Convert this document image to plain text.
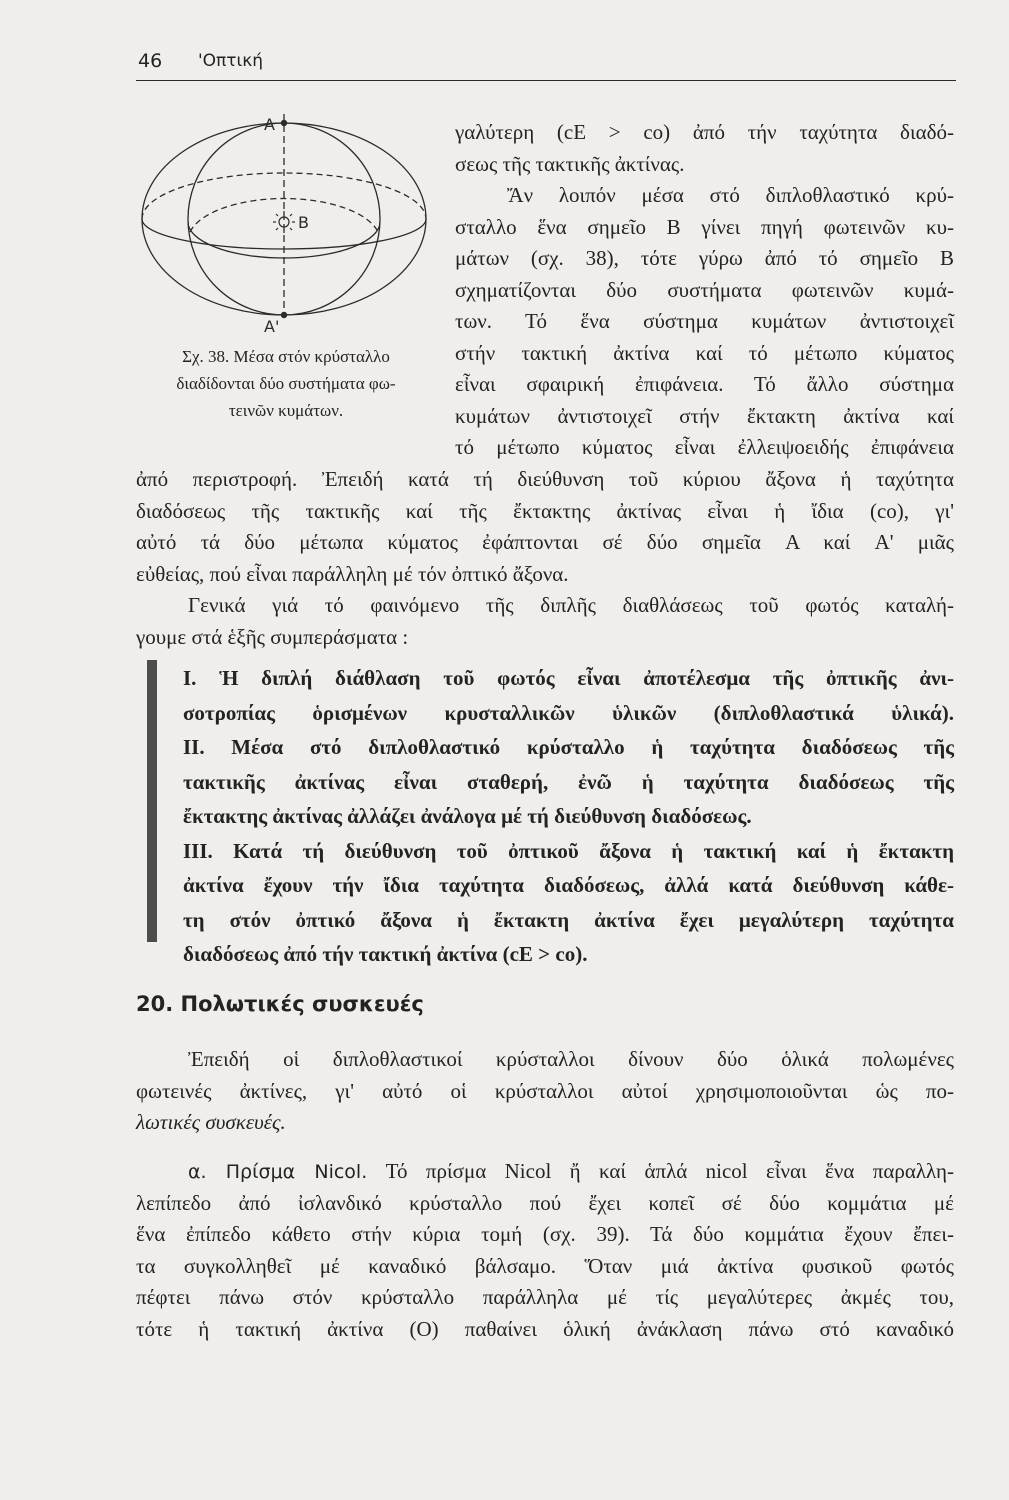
46 'Οπτική
A
B
A'
Σχ. 38. Μέσα στόν κρύσταλλο
διαδίδονται δύο συστήματα φω-
τεινῶν κυμάτων.
γαλύτερη (cE > co) ἀπό τήν ταχύτητα διαδό-
σεως τῆς τακτικῆς ἀκτίνας.
Ἄν λοιπόν μέσα στό διπλοθλαστικό κρύ-
σταλλο ἕνα σημεῖο B γίνει πηγή φωτεινῶν κυ-
μάτων (σχ. 38), τότε γύρω ἀπό τό σημεῖο B
σχηματίζονται δύο συστήματα φωτεινῶν κυμά-
των. Τό ἕνα σύστημα κυμάτων ἀντιστοιχεῖ
στήν τακτική ἀκτίνα καί τό μέτωπο κύματος
εἶναι σφαιρική ἐπιφάνεια. Τό ἄλλο σύστημα
κυμάτων ἀντιστοιχεῖ στήν ἔκτακτη ἀκτίνα καί
τό μέτωπο κύματος εἶναι ἐλλειψοειδής ἐπιφάνεια
ἀπό περιστροφή. Ἐπειδή κατά τή διεύθυνση τοῦ κύριου ἄξονα ἡ ταχύτητα
διαδόσεως τῆς τακτικῆς καί τῆς ἔκτακτης ἀκτίνας εἶναι ἡ ἴδια (co), γι'
αὐτό τά δύο μέτωπα κύματος ἐφάπτονται σέ δύο σημεῖα A καί A' μιᾶς
εὐθείας, πού εἶναι παράλληλη μέ τόν ὀπτικό ἄξονα.
Γενικά γιά τό φαινόμενο τῆς διπλῆς διαθλάσεως τοῦ φωτός καταλή-
γουμε στά ἑξῆς συμπεράσματα :
I. Ἡ διπλή διάθλαση τοῦ φωτός εἶναι ἀποτέλεσμα τῆς ὀπτικῆς ἀνι-
σοτροπίας ὁρισμένων κρυσταλλικῶν ὑλικῶν (διπλοθλαστικά ὑλικά).
II. Μέσα στό διπλοθλαστικό κρύσταλλο ἡ ταχύτητα διαδόσεως τῆς
τακτικῆς ἀκτίνας εἶναι σταθερή, ἐνῶ ἡ ταχύτητα διαδόσεως τῆς
ἔκτακτης ἀκτίνας ἀλλάζει ἀνάλογα μέ τή διεύθυνση διαδόσεως.
III. Κατά τή διεύθυνση τοῦ ὀπτικοῦ ἄξονα ἡ τακτική καί ἡ ἔκτακτη
ἀκτίνα ἔχουν τήν ἴδια ταχύτητα διαδόσεως, ἀλλά κατά διεύθυνση κάθε-
τη στόν ὀπτικό ἄξονα ἡ ἔκτακτη ἀκτίνα ἔχει μεγαλύτερη ταχύτητα
διαδόσεως ἀπό τήν τακτική ἀκτίνα (cE > co).
20. Πολωτικές συσκευές
Ἐπειδή οἱ διπλοθλαστικοί κρύσταλλοι δίνουν δύο ὁλικά πολωμένες
φωτεινές ἀκτίνες, γι' αὐτό οἱ κρύσταλλοι αὐτοί χρησιμοποιοῦνται ὡς πο-
λωτικές συσκευές.
α. Πρίσμα Nicol. Τό πρίσμα Nicol ἤ καί ἁπλά nicol εἶναι ἕνα παραλλη-
λεπίπεδο ἀπό ἰσλανδικό κρύσταλλο πού ἔχει κοπεῖ σέ δύο κομμάτια μέ
ἕνα ἐπίπεδο κάθετο στήν κύρια τομή (σχ. 39). Τά δύο κομμάτια ἔχουν ἔπει-
τα συγκολληθεῖ μέ καναδικό βάλσαμο. Ὅταν μιά ἀκτίνα φυσικοῦ φωτός
πέφτει πάνω στόν κρύσταλλο παράλληλα μέ τίς μεγαλύτερες ἀκμές του,
τότε ἡ τακτική ἀκτίνα (O) παθαίνει ὁλική ἀνάκλαση πάνω στό καναδικό
